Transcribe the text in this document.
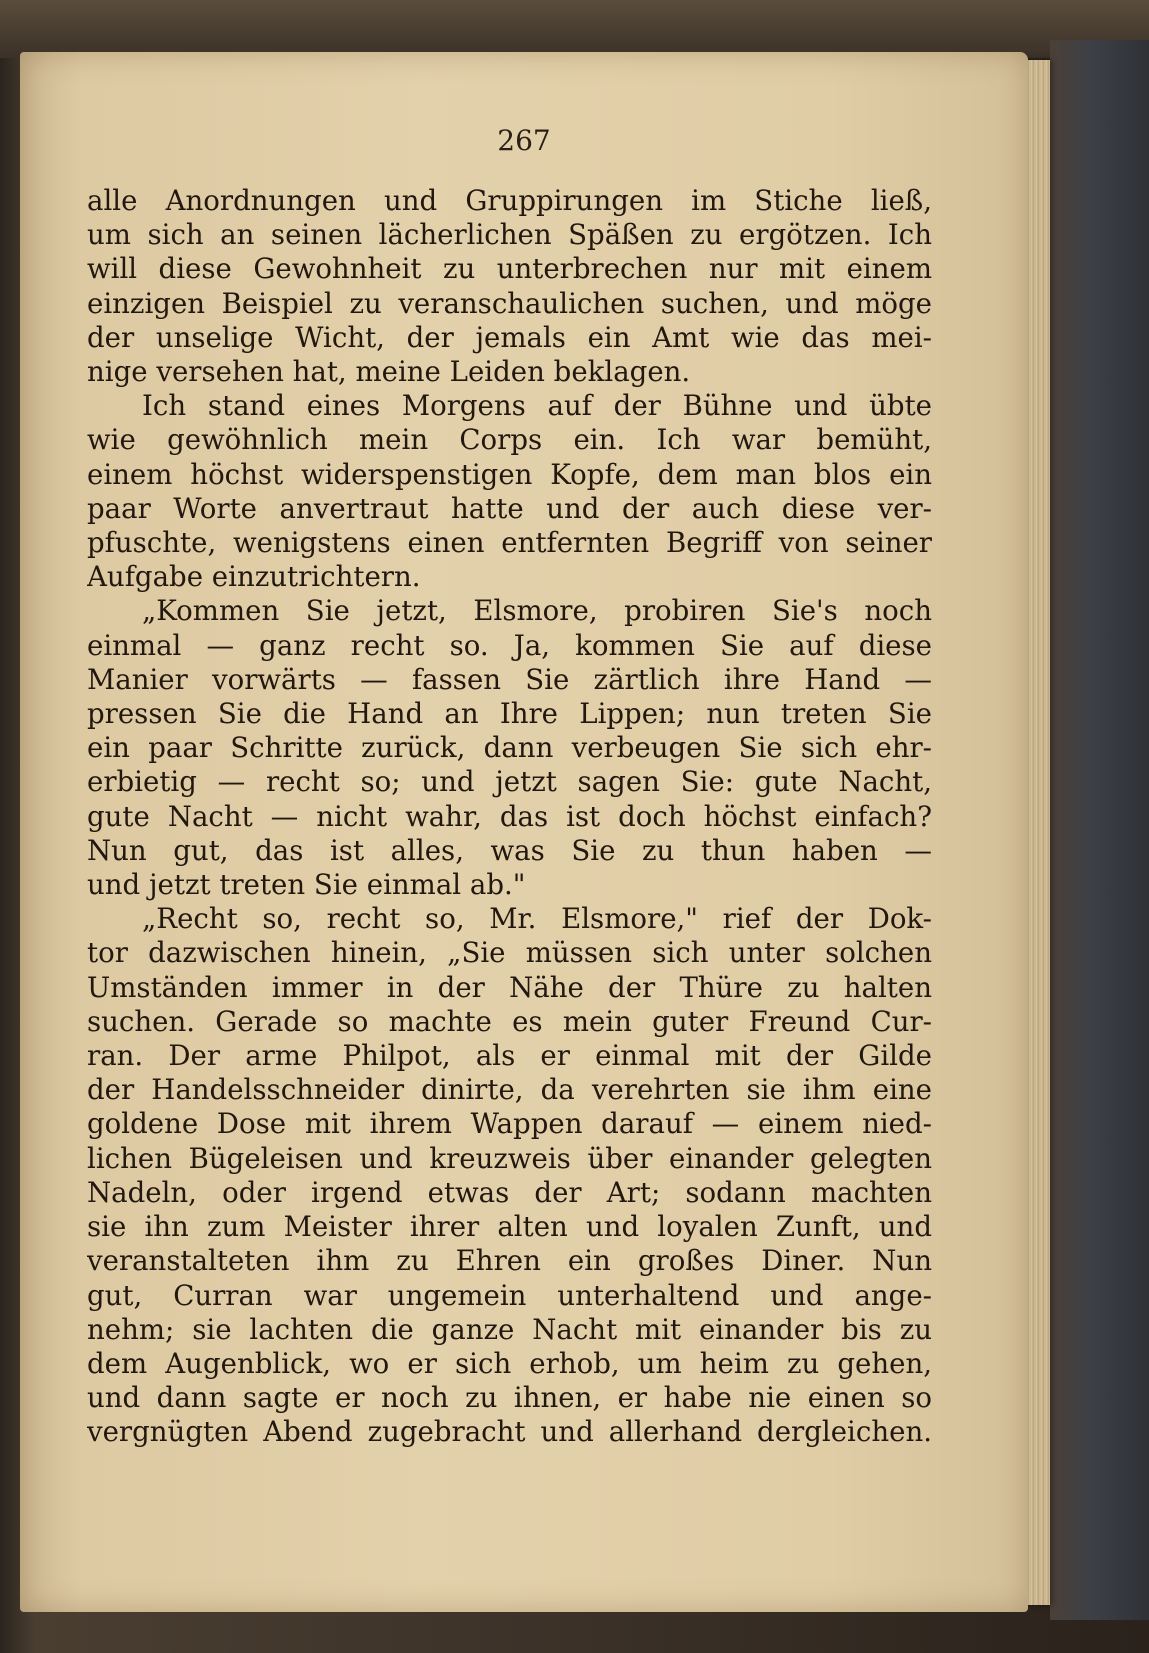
267
alle Anordnungen und Gruppirungen im Stiche ließ,
um sich an seinen lächerlichen Späßen zu ergötzen. Ich
will diese Gewohnheit zu unterbrechen nur mit einem
einzigen Beispiel zu veranschaulichen suchen, und möge
der unselige Wicht, der jemals ein Amt wie das mei-
nige versehen hat, meine Leiden beklagen.
Ich stand eines Morgens auf der Bühne und übte
wie gewöhnlich mein Corps ein. Ich war bemüht,
einem höchst widerspenstigen Kopfe, dem man blos ein
paar Worte anvertraut hatte und der auch diese ver-
pfuschte, wenigstens einen entfernten Begriff von seiner
Aufgabe einzutrichtern.
„Kommen Sie jetzt, Elsmore, probiren Sie's noch
einmal — ganz recht so. Ja, kommen Sie auf diese
Manier vorwärts — fassen Sie zärtlich ihre Hand —
pressen Sie die Hand an Ihre Lippen; nun treten Sie
ein paar Schritte zurück, dann verbeugen Sie sich ehr-
erbietig — recht so; und jetzt sagen Sie: gute Nacht,
gute Nacht — nicht wahr, das ist doch höchst einfach?
Nun gut, das ist alles, was Sie zu thun haben —
und jetzt treten Sie einmal ab."
„Recht so, recht so, Mr. Elsmore," rief der Dok-
tor dazwischen hinein, „Sie müssen sich unter solchen
Umständen immer in der Nähe der Thüre zu halten
suchen. Gerade so machte es mein guter Freund Cur-
ran. Der arme Philpot, als er einmal mit der Gilde
der Handelsschneider dinirte, da verehrten sie ihm eine
goldene Dose mit ihrem Wappen darauf — einem nied-
lichen Bügeleisen und kreuzweis über einander gelegten
Nadeln, oder irgend etwas der Art; sodann machten
sie ihn zum Meister ihrer alten und loyalen Zunft, und
veranstalteten ihm zu Ehren ein großes Diner. Nun
gut, Curran war ungemein unterhaltend und ange-
nehm; sie lachten die ganze Nacht mit einander bis zu
dem Augenblick, wo er sich erhob, um heim zu gehen,
und dann sagte er noch zu ihnen, er habe nie einen so
vergnügten Abend zugebracht und allerhand dergleichen.
